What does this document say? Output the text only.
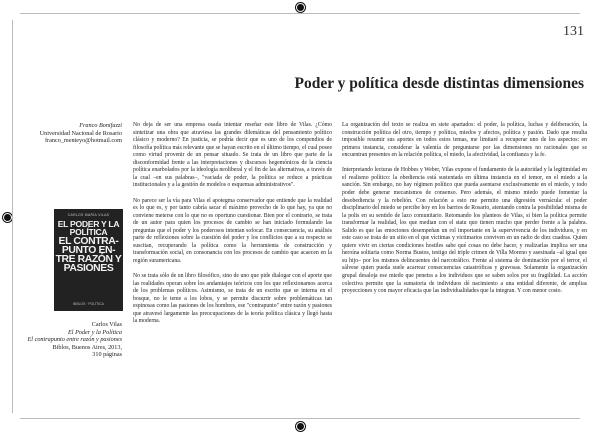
131
Poder y política desde distintas dimensiones
Franco Bonifazzi
Universidad Nacional de Rosario
franco_menteyo@hotmail.com
CARLOS MARÍA VILAS
EL PODER Y LA POLÍTICA
EL CONTRA-PUNTO EN-TRE RAZÓN Y PASIONES
BIBLOS · POLÍTICA
Carlos Vilas
El Poder y la Política
El contrapunto entre razón y pasiones
Biblos, Buenos Aires, 2013,
310 páginas

No deja de ser una empresa osada intentar reseñar este libro de Vilas. ¿Cómo sintetizar una obra que atraviesa las grandes dilemáticas del pensamiento político clásico y moderno? En justicia, se podría decir que es uno de los compendios de filosofía política más relevante que se hayan escrito en el último tiempo, el cual posee como virtud provenir de un pensar situado. Se trata de un libro que parte de la disconformidad frente a las interpretaciones y discursos hegemónicos de la ciencia política enarbolados por la ideología neoliberal y el fin de las alternativas, a través de la cual –en sus palabras–, "vaciada de poder, la política se reduce a prácticas institucionales y a la gestión de modelos o esquemas administrativos".

No parece ser la vía para Vilas el apotegma conservador que entiende que la realidad es lo que es, y por tanto cabría sacar el máximo provecho de lo que hay, ya que no conviene meterse con lo que no es oportuno cuestionar. Bien por el contrario, se trata de un autor para quien los procesos de cambio se han iniciado formulando las preguntas que el poder y los poderosos intentan sofocar. En consecuencia, su análisis parte de reflexiones sobre la cuestión del poder y los conflictos que a su respecto se suscitan, recuperando la política como la herramienta de construcción y transformación social, en consonancia con los procesos de cambio que acaecen en la región suramericana.

No se trata sólo de un libro filosófico, sino de uno que pide dialogar con el aporte que las realidades operan sobre los andamiajes teóricos con los que reflexionamos acerca de los problemas políticos. Asimismo, se trata de un escrito que se interna en el bosque, no le teme a los lobos, y se permite discurrir sobre problemáticas tan espinosas como las pasiones de los hombres, ese "contrapunto" entre razón y pasiones que atravesó largamente las preocupaciones de la teoría política clásica y llegó hasta la moderna.

La organización del texto se realiza en siete apartados: el poder, la política, luchas y deliberación, la construcción política del otro, tiempo y política, miedos y afectos, política y pasión. Dado que resulta imposible resumir sus aportes en todos estos temas, me limitaré a recuperar uno de los aspectos: en primera instancia, considerar la valentía de preguntarse por las dimensiones no racionales que se encuentran presentes en la relación política, el miedo, la afectividad, la confianza y la fe.

Interpretando lecturas de Hobbes y Weber, Vilas expone el fundamento de la autoridad y la legitimidad en el realismo político: la obediencia está sustentada en última instancia en el temor, en el miedo a la sanción. Sin embargo, no hay régimen político que pueda asentarse exclusivamente en el miedo, y todo poder debe generar mecanismos de consenso. Pero además, el mismo miedo puede fomentar la desobediencia y la rebelión. Con relación a esto me permito una digresión vernácula: el poder disciplinario del miedo se percibe hoy en los barrios de Rosario, atentando contra la posibilidad misma de la polis en su sentido de lazo comunitario. Retomando los planteos de Vilas, si bien la política permite transformar la realidad, los que median con el statu quo tienen mucho que perder frente a la palabra. Salido es que las emociones desempeñan un rol importante en la supervivencia de los individuos, y en este caso se trata de un sitio en el que víctimas y victimarios conviven en un radio de diez cuadras. Quien quiere vivir en ciertas condiciones hostiles sabe qué cosas no debe hacer, y realizarlas implica ser una heroína solitaria como Norma Bustos, testigo del triple crimen de Villa Moreno y asesinada –al igual que su hijo– por los mismos delincuentes del narcotráfico. Frente al sistema de dominación por el terror, el sálvese quien pueda suele acarrear consecuencias catastróficas y gravosas. Solamente la organización grupal desaloja ese miedo que penetra a los individuos que se saben solos por su fragilidad. La acción colectiva permite que la sumatoria de individuos dé nacimiento a una entidad diferente, de amplias proyecciones y con mayor eficacia que las individualidades que la integran. Y con menor costo.
